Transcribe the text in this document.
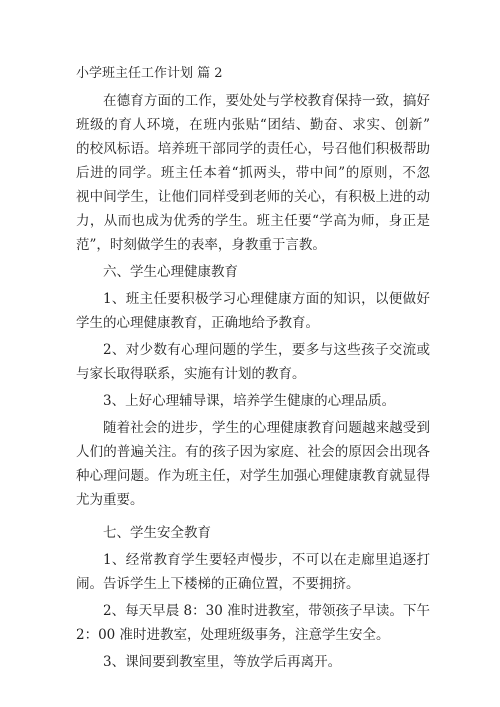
小学班主任工作计划 篇 2

在德育方面的工作，要处处与学校教育保持一致，搞好

班级的育人环境，在班内张贴“团结、勤奋、求实、创新”

的校风标语。培养班干部同学的责任心，号召他们积极帮助

后进的同学。班主任本着“抓两头，带中间”的原则，不忽

视中间学生，让他们同样受到老师的关心，有积极上进的动

力，从而也成为优秀的学生。班主任要“学高为师，身正是

范”，时刻做学生的表率，身教重于言教。

六、学生心理健康教育

1、班主任要积极学习心理健康方面的知识，以便做好

学生的心理健康教育，正确地给予教育。

2、对少数有心理问题的学生，要多与这些孩子交流或

与家长取得联系，实施有计划的教育。

3、上好心理辅导课，培养学生健康的心理品质。

随着社会的进步，学生的心理健康教育问题越来越受到

人们的普遍关注。有的孩子因为家庭、社会的原因会出现各

种心理问题。作为班主任，对学生加强心理健康教育就显得

尤为重要。

七、学生安全教育

1、经常教育学生要轻声慢步，不可以在走廊里追逐打

闹。告诉学生上下楼梯的正确位置，不要拥挤。

2、每天早晨 8：30 准时进教室，带领孩子早读。下午

2：00 准时进教室，处理班级事务，注意学生安全。

3、课间要到教室里，等放学后再离开。
